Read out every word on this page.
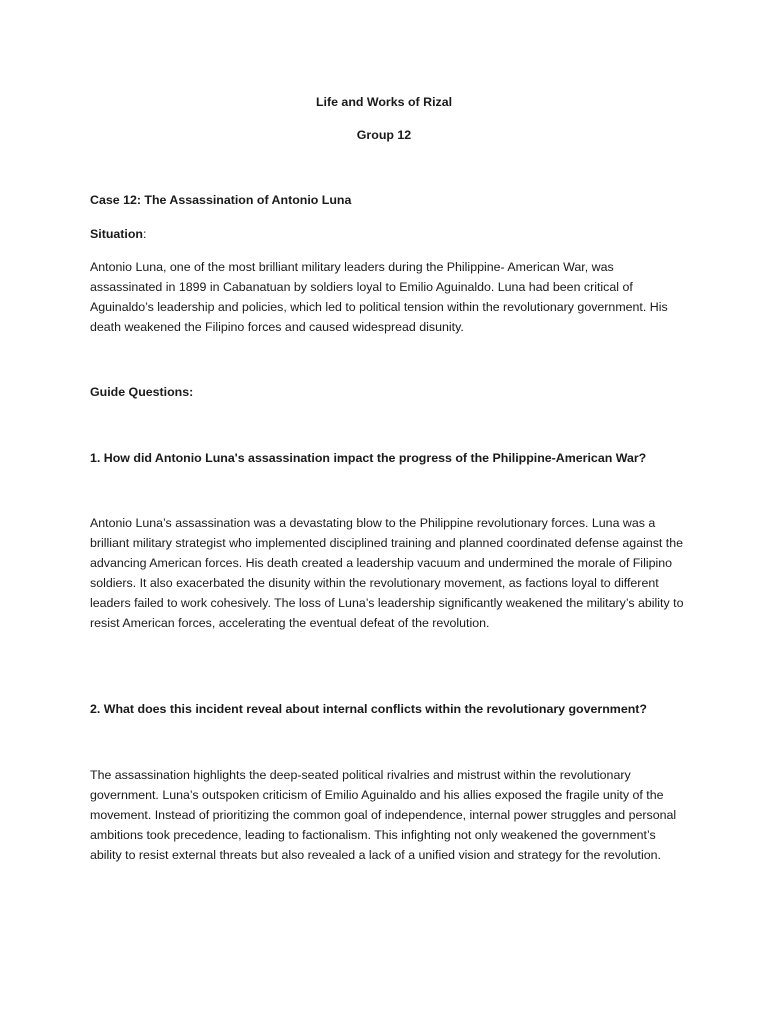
Life and Works of Rizal

Group 12

Case 12: The Assassination of Antonio Luna

Situation:

Antonio Luna, one of the most brilliant military leaders during the Philippine- American War, was assassinated in 1899 in Cabanatuan by soldiers loyal to Emilio Aguinaldo. Luna had been critical of Aguinaldo’s leadership and policies, which led to political tension within the revolutionary government. His death weakened the Filipino forces and caused widespread disunity.

Guide Questions:

1. How did Antonio Luna's assassination impact the progress of the Philippine-American War?

Antonio Luna’s assassination was a devastating blow to the Philippine revolutionary forces. Luna was a brilliant military strategist who implemented disciplined training and planned coordinated defense against the advancing American forces. His death created a leadership vacuum and undermined the morale of Filipino soldiers. It also exacerbated the disunity within the revolutionary movement, as factions loyal to different leaders failed to work cohesively. The loss of Luna’s leadership significantly weakened the military’s ability to resist American forces, accelerating the eventual defeat of the revolution.

2. What does this incident reveal about internal conflicts within the revolutionary government?

The assassination highlights the deep-seated political rivalries and mistrust within the revolutionary government. Luna’s outspoken criticism of Emilio Aguinaldo and his allies exposed the fragile unity of the movement. Instead of prioritizing the common goal of independence, internal power struggles and personal ambitions took precedence, leading to factionalism. This infighting not only weakened the government’s ability to resist external threats but also revealed a lack of a unified vision and strategy for the revolution.
